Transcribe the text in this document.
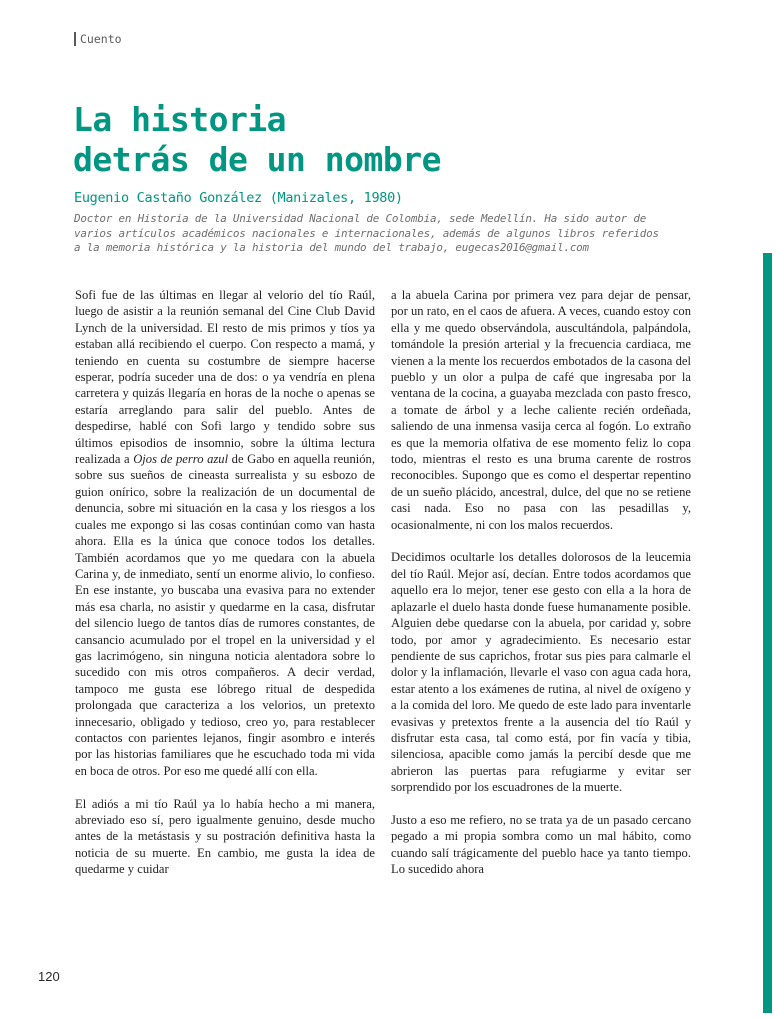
Cuento
La historia
detrás de un nombre
Eugenio Castaño González (Manizales, 1980)
Doctor en Historia de la Universidad Nacional de Colombia, sede Medellín. Ha sido autor de varios artículos académicos nacionales e internacionales, además de algunos libros referidos a la memoria histórica y la historia del mundo del trabajo, eugecas2016@gmail.com

Sofi fue de las últimas en llegar al velorio del tío Raúl, luego de asistir a la reunión semanal del Cine Club David Lynch de la universidad. El resto de mis primos y tíos ya estaban allá recibiendo el cuerpo. Con respecto a mamá, y teniendo en cuenta su costumbre de siempre hacerse esperar, podría suceder una de dos: o ya vendría en plena carretera y quizás llegaría en horas de la noche o apenas se estaría arreglando para salir del pueblo. Antes de despedirse, hablé con Sofi largo y tendido sobre sus últimos episodios de insomnio, sobre la última lectura realizada a Ojos de perro azul de Gabo en aquella reunión, sobre sus sueños de cineasta surrealista y su esbozo de guion onírico, sobre la realización de un documental de denuncia, sobre mi situación en la casa y los riesgos a los cuales me expongo si las cosas continúan como van hasta ahora. Ella es la única que conoce todos los detalles. También acordamos que yo me quedara con la abuela Carina y, de inmediato, sentí un enorme alivio, lo confieso. En ese instante, yo buscaba una evasiva para no extender más esa charla, no asistir y quedarme en la casa, disfrutar del silencio luego de tantos días de rumores constantes, de cansancio acumulado por el tropel en la universidad y el gas lacrimógeno, sin ninguna noticia alentadora sobre lo sucedido con mis otros compañeros. A decir verdad, tampoco me gusta ese lóbrego ritual de despedida prolongada que caracteriza a los velorios, un pretexto innecesario, obligado y tedioso, creo yo, para restablecer contactos con parientes lejanos, fingir asombro e interés por las historias familiares que he escuchado toda mi vida en boca de otros. Por eso me quedé allí con ella.

El adiós a mi tío Raúl ya lo había hecho a mi manera, abreviado eso sí, pero igualmente genuino, desde mucho antes de la metástasis y su postración definitiva hasta la noticia de su muerte. En cambio, me gusta la idea de quedarme y cuidar

a la abuela Carina por primera vez para dejar de pensar, por un rato, en el caos de afuera. A veces, cuando estoy con ella y me quedo observándola, auscultándola, palpándola, tomándole la presión arterial y la frecuencia cardiaca, me vienen a la mente los recuerdos embotados de la casona del pueblo y un olor a pulpa de café que ingresaba por la ventana de la cocina, a guayaba mezclada con pasto fresco, a tomate de árbol y a leche caliente recién ordeñada, saliendo de una inmensa vasija cerca al fogón. Lo extraño es que la memoria olfativa de ese momento feliz lo copa todo, mientras el resto es una bruma carente de rostros reconocibles. Supongo que es como el despertar repentino de un sueño plácido, ancestral, dulce, del que no se retiene casi nada. Eso no pasa con las pesadillas y, ocasionalmente, ni con los malos recuerdos.

Decidimos ocultarle los detalles dolorosos de la leucemia del tío Raúl. Mejor así, decían. Entre todos acordamos que aquello era lo mejor, tener ese gesto con ella a la hora de aplazarle el duelo hasta donde fuese humanamente posible. Alguien debe quedarse con la abuela, por caridad y, sobre todo, por amor y agradecimiento. Es necesario estar pendiente de sus caprichos, frotar sus pies para calmarle el dolor y la inflamación, llevarle el vaso con agua cada hora, estar atento a los exámenes de rutina, al nivel de oxígeno y a la comida del loro. Me quedo de este lado para inventarle evasivas y pretextos frente a la ausencia del tío Raúl y disfrutar esta casa, tal como está, por fin vacía y tibia, silenciosa, apacible como jamás la percibí desde que me abrieron las puertas para refugiarme y evitar ser sorprendido por los escuadrones de la muerte.

Justo a eso me refiero, no se trata ya de un pasado cercano pegado a mi propia sombra como un mal hábito, como cuando salí trágicamente del pueblo hace ya tanto tiempo. Lo sucedido ahora

120
